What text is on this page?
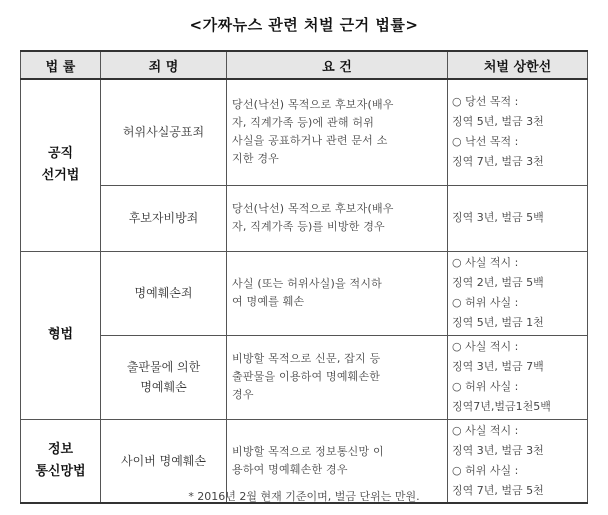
<가짜뉴스 관련 처벌 근거 법률>
법 률	죄 명	요 건	처벌 상한선

공직
선거법	허위사실공표죄	당선(낙선) 목적으로 후보자(배우
자, 직계가족 등)에 관해 허위
사실을 공표하거나 관련 문서 소
지한 경우	○ 당선 목적 :
징역 5년, 벌금 3천
○ 낙선 목적 :
징역 7년, 벌금 3천

	후보자비방죄	당선(낙선) 목적으로 후보자(배우
자, 직계가족 등)를 비방한 경우	징역 3년, 벌금 5백

형법	명예훼손죄	사실 (또는 허위사실)을 적시하
여 명예를 훼손	○ 사실 적시 :
징역 2년, 벌금 5백
○ 허위 사실 :
징역 5년, 벌금 1천

	출판물에 의한
명예훼손	비방할 목적으로 신문, 잡지 등
출판물을 이용하여 명예훼손한
경우	○ 사실 적시 :
징역 3년, 벌금 7백
○ 허위 사실 :
징역7년,벌금1천5백

정보
통신망법	사이버 명예훼손	비방할 목적으로 정보통신망 이
용하여 명예훼손한 경우	○ 사실 적시 :
징역 3년, 벌금 3천
○ 허위 사실 :
징역 7년, 벌금 5천
* 2016년 2월 현재 기준이며, 벌금 단위는 만원.
